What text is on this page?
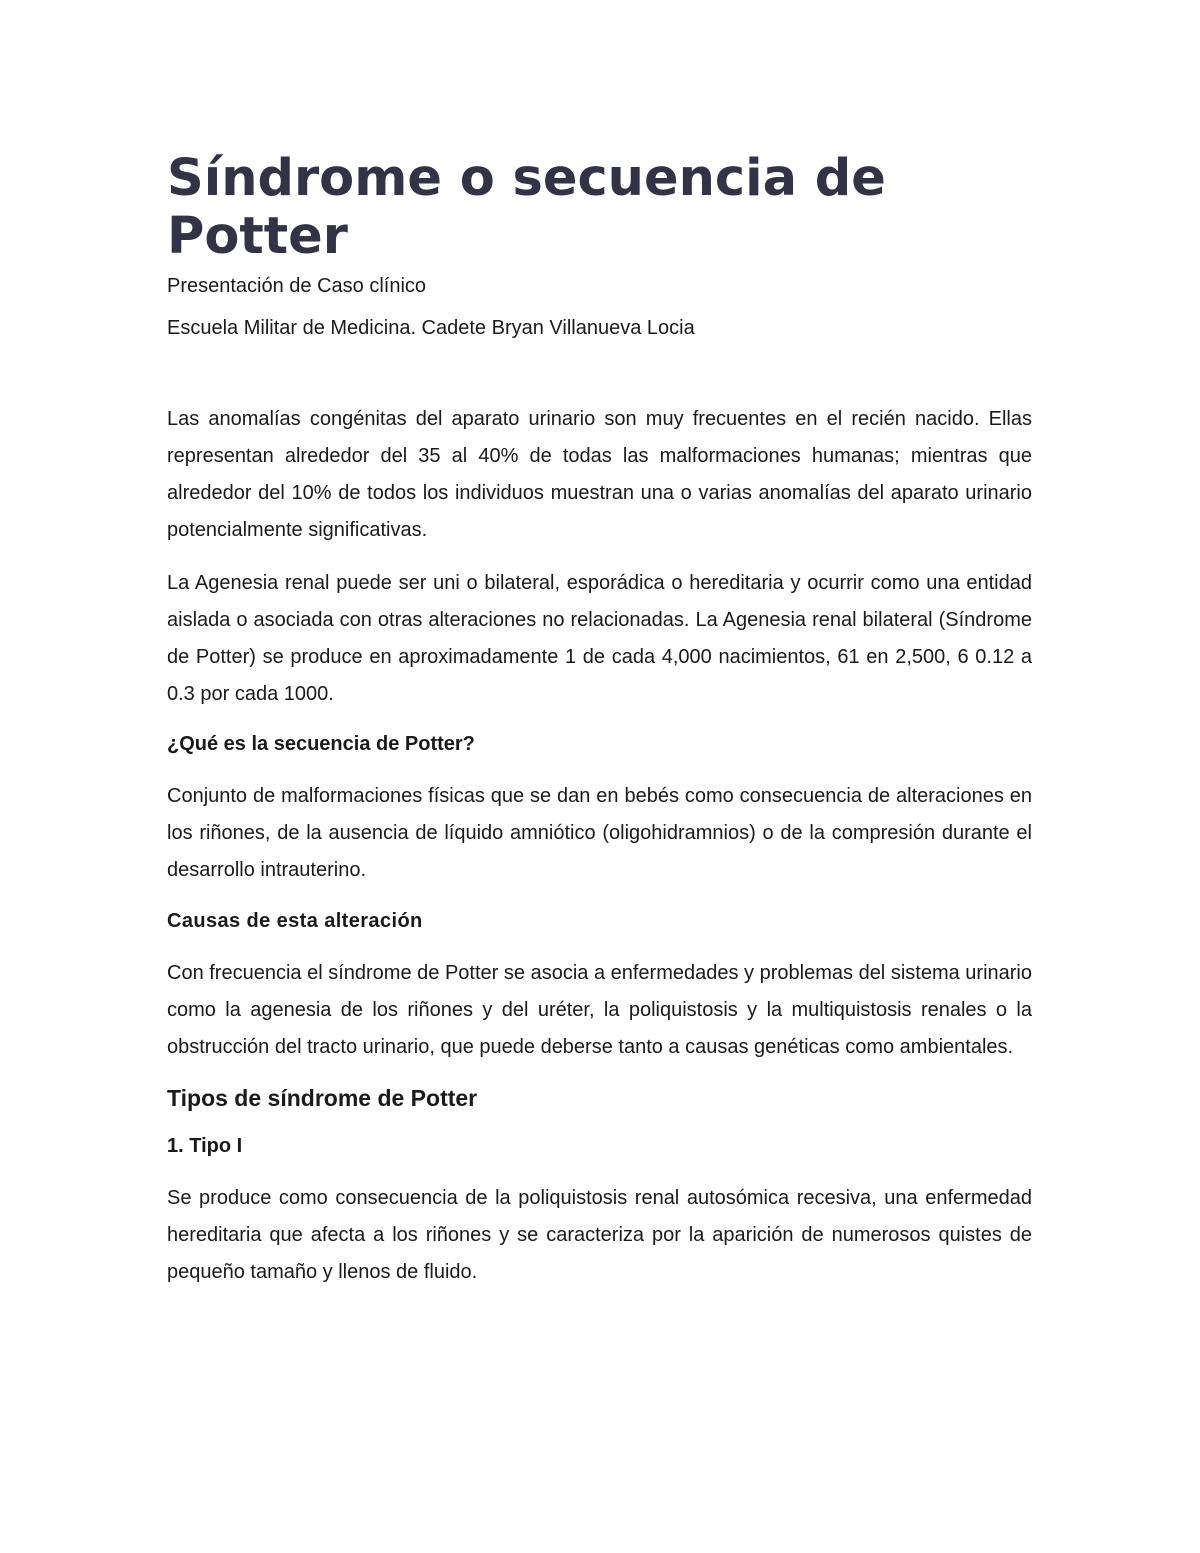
Síndrome o secuencia de Potter

Presentación de Caso clínico

Escuela Militar de Medicina. Cadete Bryan Villanueva Locia

Las anomalías congénitas del aparato urinario son muy frecuentes en el recién nacido. Ellas representan alrededor del 35 al 40% de todas las malformaciones humanas; mientras que alrededor del 10% de todos los individuos muestran una o varias anomalías del aparato urinario potencialmente significativas.

La Agenesia renal puede ser uni o bilateral, esporádica o hereditaria y ocurrir como una entidad aislada o asociada con otras alteraciones no relacionadas. La Agenesia renal bilateral (Síndrome de Potter) se produce en aproximadamente 1 de cada 4,000 nacimientos, 61 en 2,500, 6 0.12 a 0.3 por cada 1000.

¿Qué es la secuencia de Potter?

Conjunto de malformaciones físicas que se dan en bebés como consecuencia de alteraciones en los riñones, de la ausencia de líquido amniótico (oligohidramnios) o de la compresión durante el desarrollo intrauterino.

Causas de esta alteración

Con frecuencia el síndrome de Potter se asocia a enfermedades y problemas del sistema urinario como la agenesia de los riñones y del uréter, la poliquistosis y la multiquistosis renales o la obstrucción del tracto urinario, que puede deberse tanto a causas genéticas como ambientales.

Tipos de síndrome de Potter

1. Tipo I

Se produce como consecuencia de la poliquistosis renal autosómica recesiva, una enfermedad hereditaria que afecta a los riñones y se caracteriza por la aparición de numerosos quistes de pequeño tamaño y llenos de fluido.
